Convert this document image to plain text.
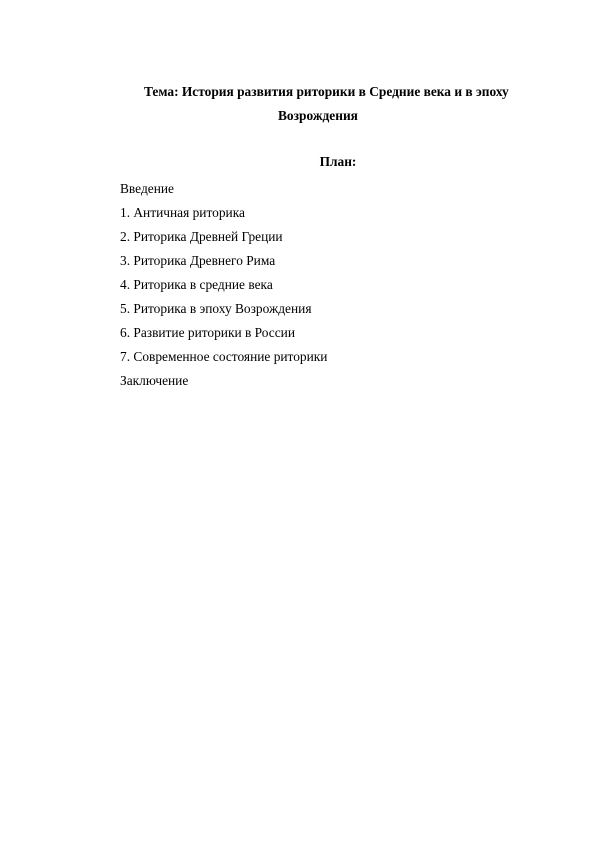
Тема: История развития риторики в Средние века и в эпоху
Возрождения
План:
Введение
1. Античная риторика
2. Риторика Древней Греции
3. Риторика Древнего Рима
4. Риторика в средние века
5. Риторика в эпоху Возрождения
6. Развитие риторики в России
7. Современное состояние риторики
Заключение
